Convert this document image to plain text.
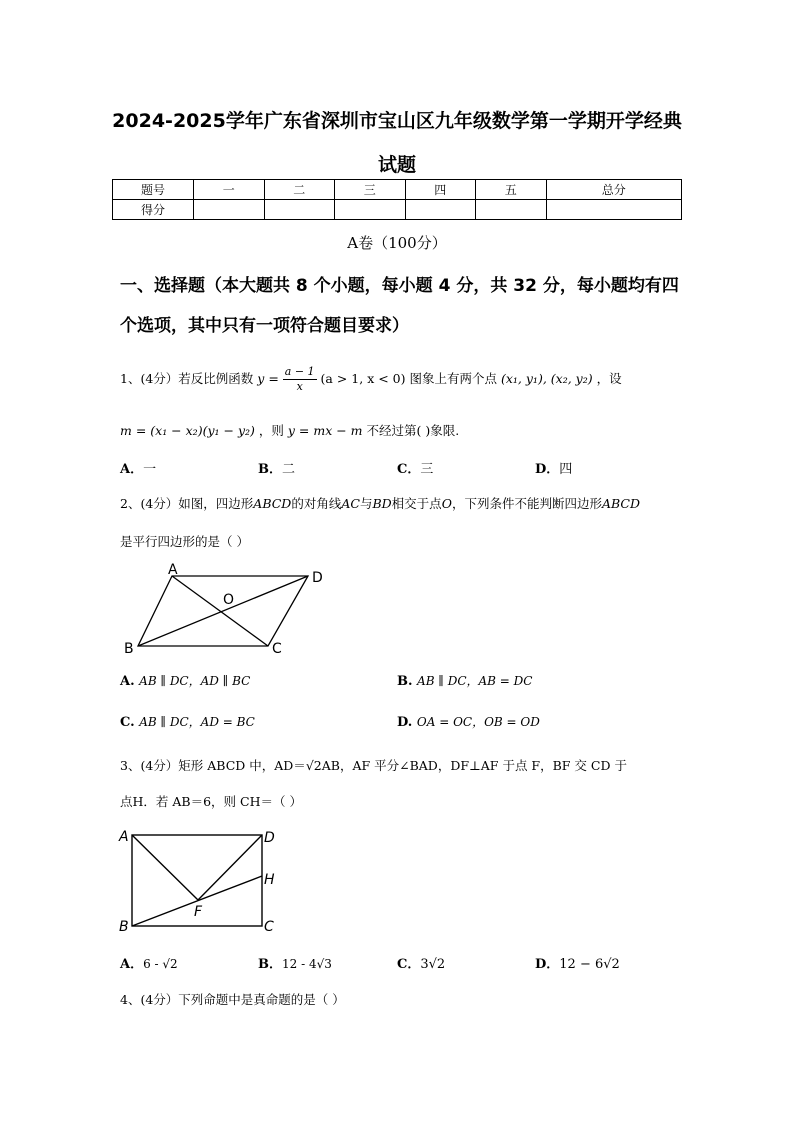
2024-2025学年广东省深圳市宝山区九年级数学第一学期开学经典
试题
题号	一	二	三	四	五	总分
得分						
A卷（100分）
一、选择题（本大题共 8 个小题，每小题 4 分，共 32 分，每小题均有四个选项，其中只有一项符合题目要求）
1、(4分）若反比例函数 $y = \frac{a - 1}{x} (a > 1$, x < 0) 图象上有两个点 (x₁, y₁), (x₂, y₂) ，设
m = (x₁ − x₂)(y₁ − y₂) ，则 y = mx − m 不经过第( )象限.
A．一	B．二	C．三	D．四
2、(4分）如图，四边形ABCD的对角线AC与BD相交于点O，下列条件不能判断四边形ABCD
是平行四边形的是（ ）
A	D
O
B	C
A. AB ∥ DC，AD ∥ BC	B. AB ∥ DC，AB = DC
C. AB ∥ DC，AD = BC	D. OA = OC，OB = OD
3、(4分）矩形 ABCD 中，AD＝√2AB，AF 平分∠BAD，DF⊥AF 于点 F，BF 交 CD 于
点H．若 AB＝6，则 CH＝（ ）
A	D
H
F
B	C
A．6 - √2	B．12 - 4√3	C．3√2	D．12 − 6√2
4、(4分）下列命题中是真命题的是（ ）
